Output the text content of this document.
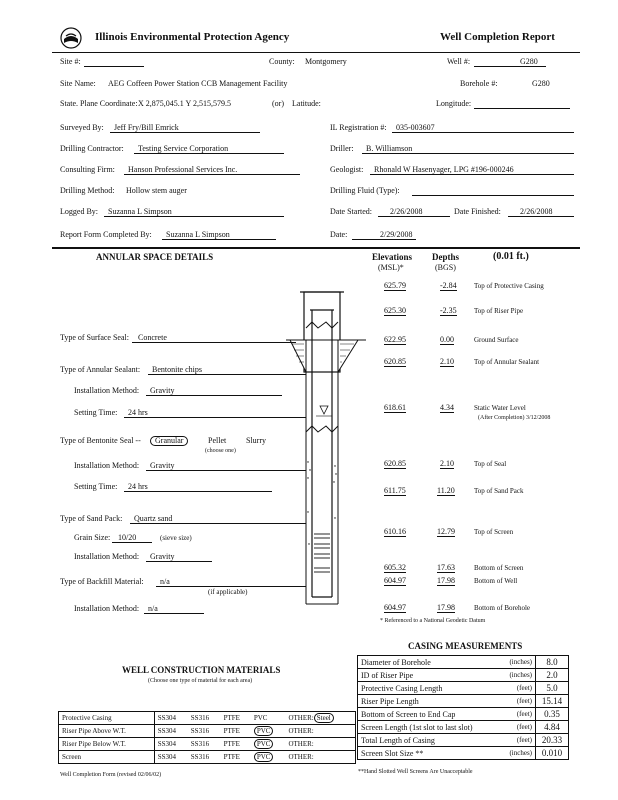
Illinois Environmental Protection Agency	Well Completion Report
Site #:	County: Montgomery	Well #:	G280
Site Name: AEG Coffeen Power Station CCB Management Facility	Borehole #:	G280
State. Plane Coordinate: X 2,875,045.1 Y 2,515,579.5	(or) Latitude:	Longitude:
Surveyed By: Jeff Fry/Bill Emrick	IL Registration #: 035-003607
Drilling Contractor: Testing Service Corporation	Driller: B. Williamson
Consulting Firm: Hanson Professional Services Inc.	Geologist: Rhonald W Hasenyager, LPG #196-000246
Drilling Method: Hollow stem auger	Drilling Fluid (Type):
Logged By: Suzanna L Simpson	Date Started: 2/26/2008	Date Finished: 2/26/2008
Report Form Completed By: Suzanna L Simpson	Date:	2/29/2008
ANNULAR SPACE DETAILS	Elevations
(MSL)*
Depths
(BGS)
(0.01 ft.)
Type of Surface Seal: Concrete
Type of Annular Sealant: Bentonite chips
Installation Method: Gravity
Setting Time: 24 hrs
Type of Bentonite Seal --	Granular	Pellet Slurry
(choose one)
Installation Method: Gravity
Setting Time: 24 hrs
Type of Sand Pack: Quartz sand
Grain Size: 10/20	(sieve size)
Installation Method: Gravity
Type of Backfill Material: n/a
(if applicable)
Installation Method: n/a
625.79	-2.84 Top of Protective Casing
625.30	-2.35 Top of Riser Pipe
622.95	0.00	Ground Surface
620.85	2.10	Top of Annular Sealant
618.61	4.34	Static Water Level
(After Completion) 3/12/2008
620.85	2.10	Top of Seal
611.75	11.20	Top of Sand Pack
610.16	12.79	Top of Screen
605.32	17.63	Bottom of Screen
604.97	17.98	Bottom of Well
604.97	17.98	Bottom of Borehole
* Referenced to a National Geodetic Datum
CASING MEASUREMENTS
Diameter of Borehole	(inches)	8.0
ID of Riser Pipe	(inches)	2.0
Protective Casing Length	(feet)	5.0
Riser Pipe Length	(feet)	15.14
Bottom of Screen to End Cap	(feet)	0.35
Screen Length (1st slot to last slot)	(feet)	4.84
Total Length of Casing	(feet)	20.33
Screen Slot Size **	(inches)	0.010
**Hand Slotted Well Screens Are Unacceptable
WELL CONSTRUCTION MATERIALS
(Choose one type of material for each area)
Protective Casing	SS304	SS316	PTFE	PVC	OTHER: Steel
Riser Pipe Above W.T.	SS304	SS316	PTFE	PVC	OTHER:
Riser Pipe Below W.T.	SS304	SS316	PTFE	PVC	OTHER:
Screen	SS304	SS316	PTFE	PVC	OTHER:
Well Completion Form (revised 02/06/02)
